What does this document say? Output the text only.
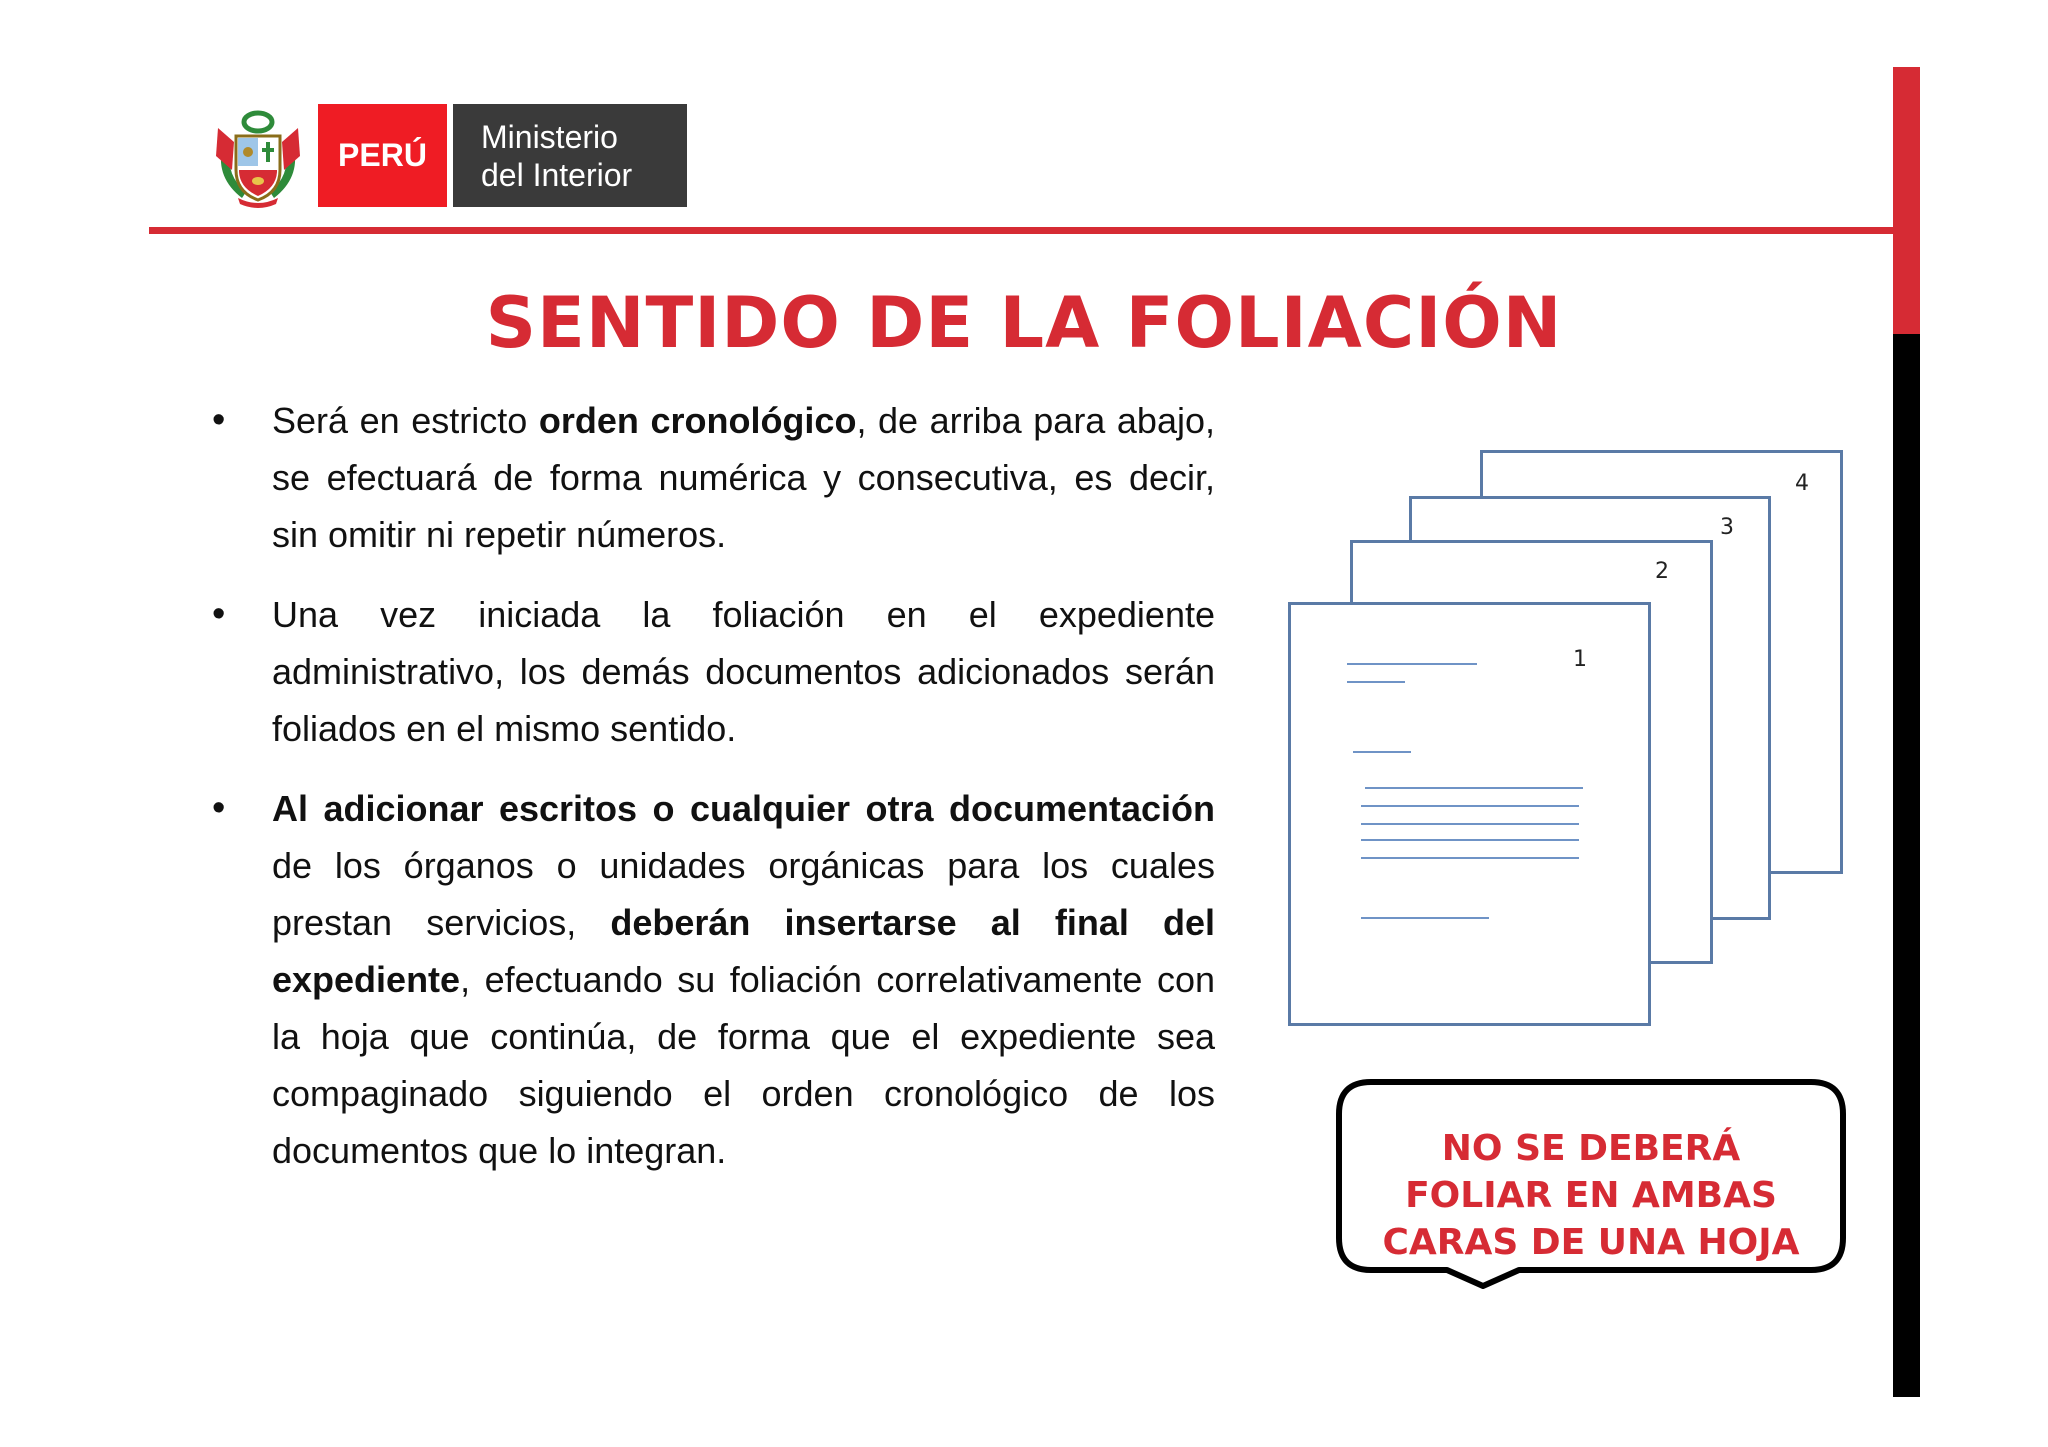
PERÚ
Ministerio
del Interior
SENTIDO DE LA FOLIACIÓN
•	Será en estricto orden cronológico, de arriba para abajo, se efectuará de forma numérica y consecutiva, es decir, sin omitir ni repetir números.
•	Una vez iniciada la foliación en el expediente administrativo, los demás documentos adicionados serán foliados en el mismo sentido.
•	Al adicionar escritos o cualquier otra documentación de los órganos o unidades orgánicas para los cuales prestan servicios, deberán insertarse al final del expediente, efectuando su foliación correlativamente con la hoja que continúa, de forma que el expediente sea compaginado siguiendo el orden cronológico de los documentos que lo integran.
4
3
2
1
NO SE DEBERÁ
FOLIAR EN AMBAS
CARAS DE UNA HOJA
